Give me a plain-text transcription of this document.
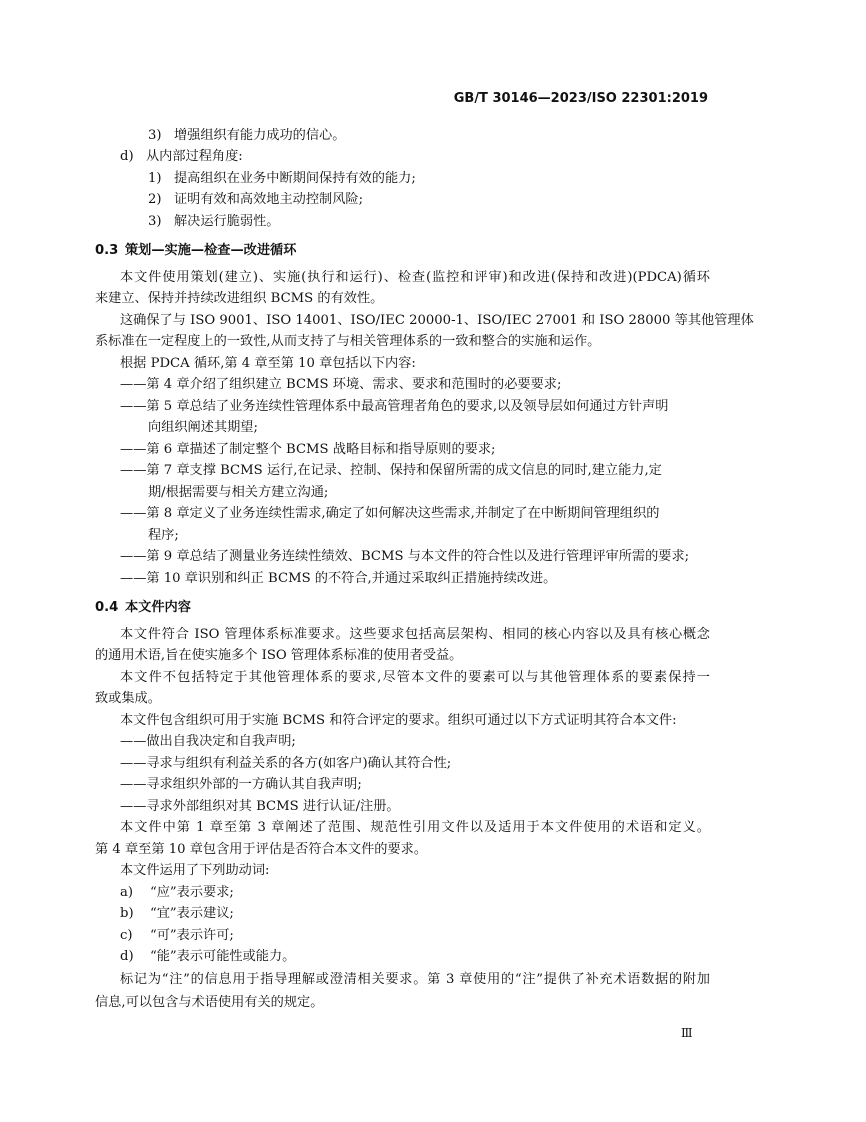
GB/T 30146—2023/ISO 22301:2019
3) 增强组织有能力成功的信心。
d) 从内部过程角度:
1) 提高组织在业务中断期间保持有效的能力;
2) 证明有效和高效地主动控制风险;
3) 解决运行脆弱性。
0.3 策划—实施—检查—改进循环
本文件使用策划(建立)、实施(执行和运行)、检查(监控和评审)和改进(保持和改进)(PDCA)循环
来建立、保持并持续改进组织 BCMS 的有效性。
这确保了与 ISO 9001、ISO 14001、ISO/IEC 20000-1、ISO/IEC 27001 和 ISO 28000 等其他管理体
系标准在一定程度上的一致性,从而支持了与相关管理体系的一致和整合的实施和运作。
根据 PDCA 循环,第 4 章至第 10 章包括以下内容:
——第 4 章介绍了组织建立 BCMS 环境、需求、要求和范围时的必要要求;
——第 5 章总结了业务连续性管理体系中最高管理者角色的要求,以及领导层如何通过方针声明
向组织阐述其期望;
——第 6 章描述了制定整个 BCMS 战略目标和指导原则的要求;
——第 7 章支撑 BCMS 运行,在记录、控制、保持和保留所需的成文信息的同时,建立能力,定
期/根据需要与相关方建立沟通;
——第 8 章定义了业务连续性需求,确定了如何解决这些需求,并制定了在中断期间管理组织的
程序;
——第 9 章总结了测量业务连续性绩效、BCMS 与本文件的符合性以及进行管理评审所需的要求;
——第 10 章识别和纠正 BCMS 的不符合,并通过采取纠正措施持续改进。
0.4 本文件内容
本文件符合 ISO 管理体系标准要求。这些要求包括高层架构、相同的核心内容以及具有核心概念
的通用术语,旨在使实施多个 ISO 管理体系标准的使用者受益。
本文件不包括特定于其他管理体系的要求,尽管本文件的要素可以与其他管理体系的要素保持一
致或集成。
本文件包含组织可用于实施 BCMS 和符合评定的要求。组织可通过以下方式证明其符合本文件:
——做出自我决定和自我声明;
——寻求与组织有利益关系的各方(如客户)确认其符合性;
——寻求组织外部的一方确认其自我声明;
——寻求外部组织对其 BCMS 进行认证/注册。
本文件中第 1 章至第 3 章阐述了范围、规范性引用文件以及适用于本文件使用的术语和定义。
第 4 章至第 10 章包含用于评估是否符合本文件的要求。
本文件运用了下列助动词:
a) “应”表示要求;
b) “宜”表示建议;
c) “可”表示许可;
d) “能”表示可能性或能力。
标记为“注”的信息用于指导理解或澄清相关要求。第 3 章使用的“注”提供了补充术语数据的附加
信息,可以包含与术语使用有关的规定。
Ⅲ
